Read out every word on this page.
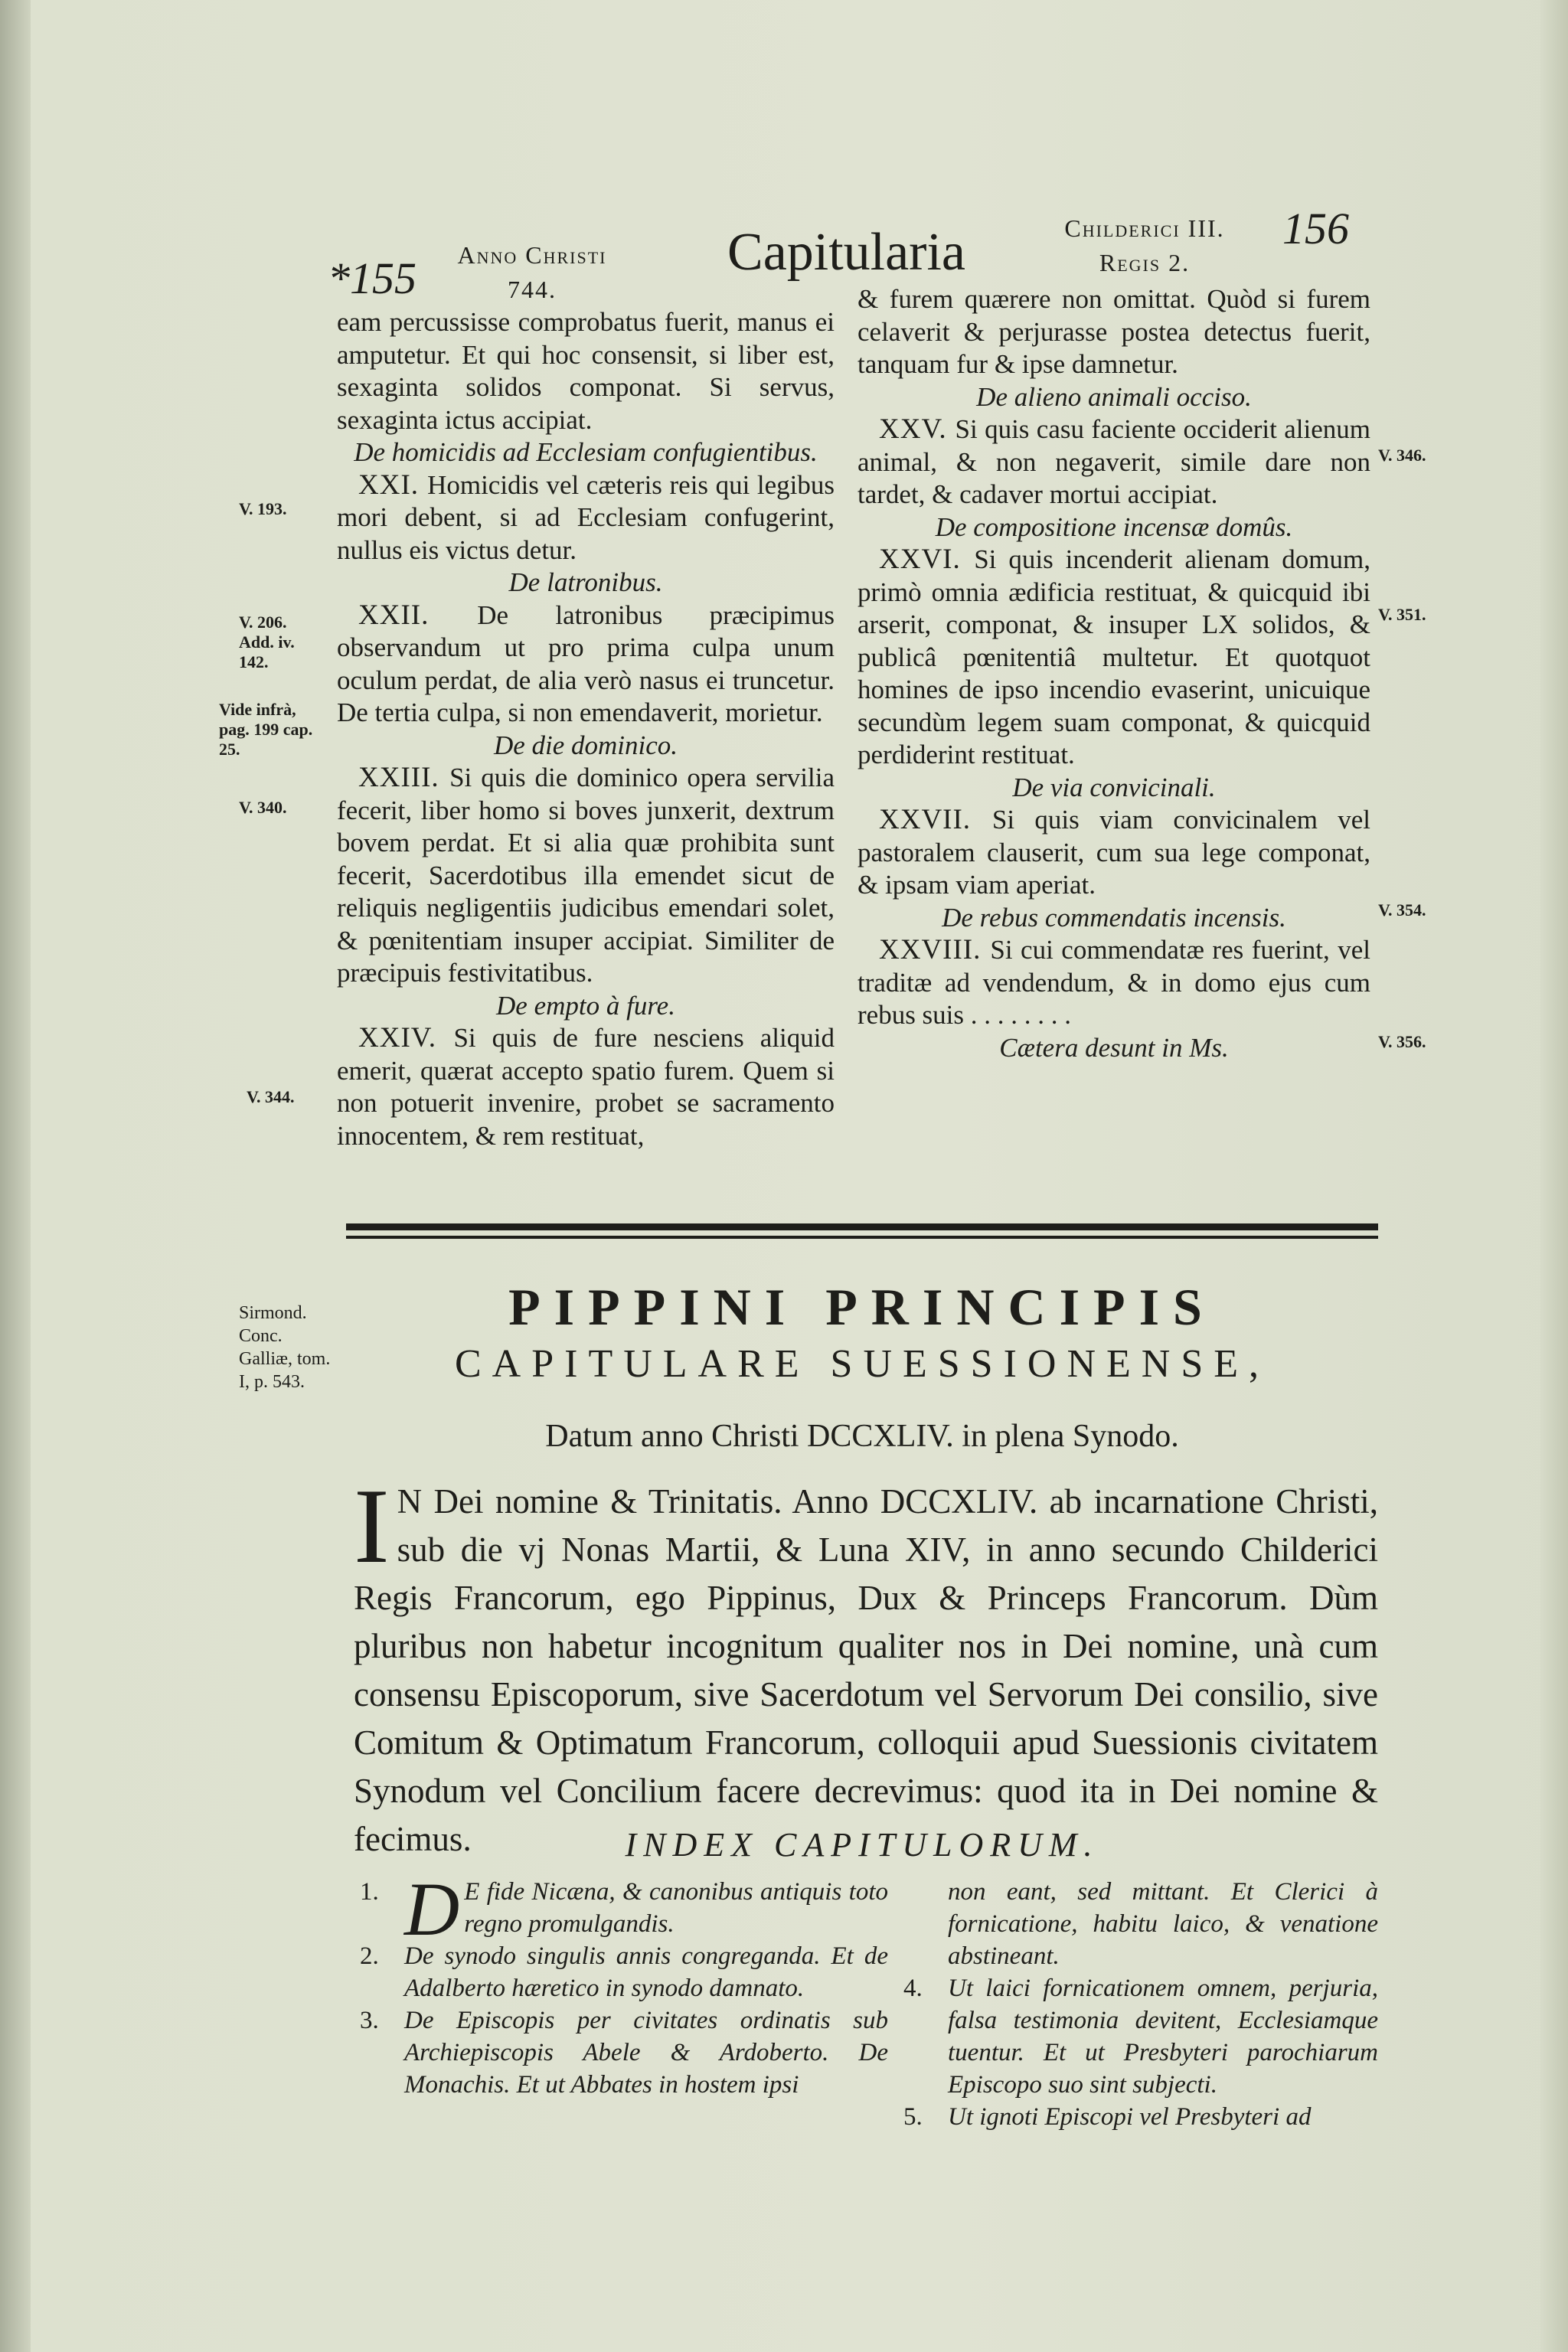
*155	Anno Christi
744.
Capitularia	Childerici III.
Regis 2.
156
V. 193.
V. 206. Add. iv. 142.
Vide infrà, pag. 199 cap. 25.
V. 340.
V. 344.
V. 346.
V. 351.
V. 354.
V. 356.

eam percussisse comprobatus fuerit, manus ei amputetur. Et qui hoc consensit, si liber est, sexaginta solidos componat. Si servus, sexaginta ictus accipiat.

De homicidis ad Ecclesiam confugientibus.

XXI. Homicidis vel cæteris reis qui legibus mori debent, si ad Ecclesiam confugerint, nullus eis victus detur.

De latronibus.

XXII. De latronibus præcipimus observandum ut pro prima culpa unum oculum perdat, de alia verò nasus ei truncetur. De tertia culpa, si non emendaverit, morietur.

De die dominico.

XXIII. Si quis die dominico opera servilia fecerit, liber homo si boves junxerit, dextrum bovem perdat. Et si alia quæ prohibita sunt fecerit, Sacerdotibus illa emendet sicut de reliquis negligentiis judicibus emendari solet, & pœnitentiam insuper accipiat. Similiter de præcipuis festivitatibus.

De empto à fure.

XXIV. Si quis de fure nesciens aliquid emerit, quærat accepto spatio furem. Quem si non potuerit invenire, probet se sacramento innocentem, & rem restituat,

& furem quærere non omittat. Quòd si furem celaverit & perjurasse postea detectus fuerit, tanquam fur & ipse damnetur.

De alieno animali occiso.

XXV. Si quis casu faciente occiderit alienum animal, & non negaverit, simile dare non tardet, & cadaver mortui accipiat.

De compositione incensæ domûs.

XXVI. Si quis incenderit alienam domum, primò omnia ædificia restituat, & quicquid ibi arserit, componat, & insuper LX solidos, & publicâ pœnitentiâ multetur. Et quotquot homines de ipso incendio evaserint, unicuique secundùm legem suam componat, & quicquid perdiderint restituat.

De via convicinali.

XXVII. Si quis viam convicinalem vel pastoralem clauserit, cum sua lege componat, & ipsam viam aperiat.

De rebus commendatis incensis.

XXVIII. Si cui commendatæ res fuerint, vel traditæ ad vendendum, & in domo ejus cum rebus suis . . . . . . . .

Cætera desunt in Ms.

Sirmond. Conc. Galliæ, tom. I, p. 543.
PIPPINI PRINCIPIS
CAPITULARE SUESSIONENSE,
Datum anno Christi DCCXLIV. in plena Synodo.
I N Dei nomine & Trinitatis. Anno DCCXLIV. ab incarnatione Christi, sub die vj Nonas Martii, & Luna XIV, in anno secundo Childerici Regis Francorum, ego Pippinus, Dux & Princeps Francorum. Dùm pluribus non habetur incognitum qualiter nos in Dei nomine, unà cum consensu Episcoporum, sive Sacerdotum vel Servorum Dei consilio, sive Comitum & Optimatum Francorum, colloquii apud Suessionis civitatem Synodum vel Concilium facere decrevimus: quod ita in Dei nomine & fecimus.	INDEX CAPITULORUM.
1. D E fide Nicæna, & canonibus antiquis toto regno promulgandis.
2.	De synodo singulis annis congreganda. Et de Adalberto hæretico in synodo damnato.
3.	De Episcopis per civitates ordinatis sub Archiepiscopis Abele & Ardoberto. De Monachis. Et ut Abbates in hostem ipsi
non eant, sed mittant. Et Clerici à fornicatione, habitu laico, & venatione abstineant.
4.	Ut laici fornicationem omnem, perjuria, falsa testimonia devitent, Ecclesiamque tuentur. Et ut Presbyteri parochiarum Episcopo suo sint subjecti.
5.	Ut ignoti Episcopi vel Presbyteri ad
